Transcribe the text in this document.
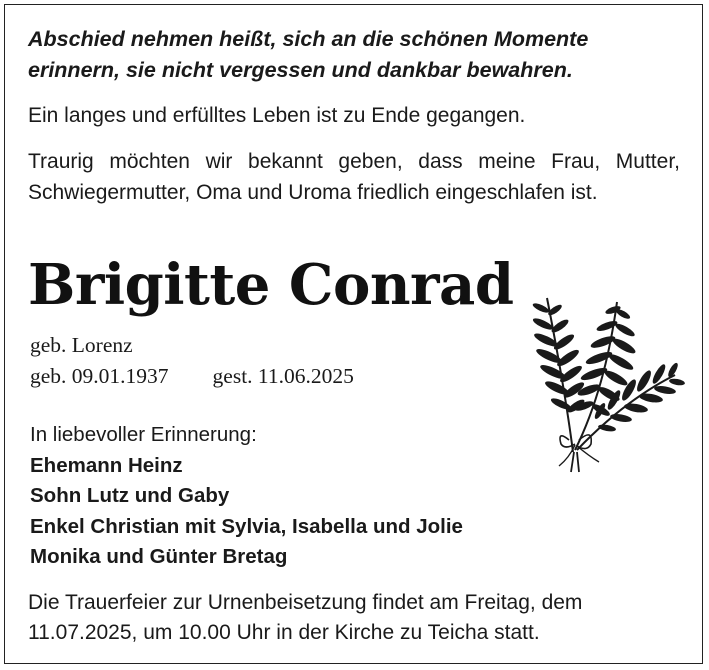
Abschied nehmen heißt, sich an die schönen Momente
erinnern, sie nicht vergessen und dankbar bewahren.
Ein langes und erfülltes Leben ist zu Ende gegangen.
Traurig möchten wir bekannt geben, dass meine Frau, Mutter, Schwiegermutter, Oma und Uroma friedlich eingeschlafen ist.
Brigitte Conrad
geb. Lorenz
geb. 09.01.1937 gest. 11.06.2025
In liebevoller Erinnerung:
Ehemann Heinz
Sohn Lutz und Gaby
Enkel Christian mit Sylvia, Isabella und Jolie
Monika und Günter Bretag
Die Trauerfeier zur Urnenbeisetzung findet am Freitag, dem 11.07.2025, um 10.00 Uhr in der Kirche zu Teicha statt.
